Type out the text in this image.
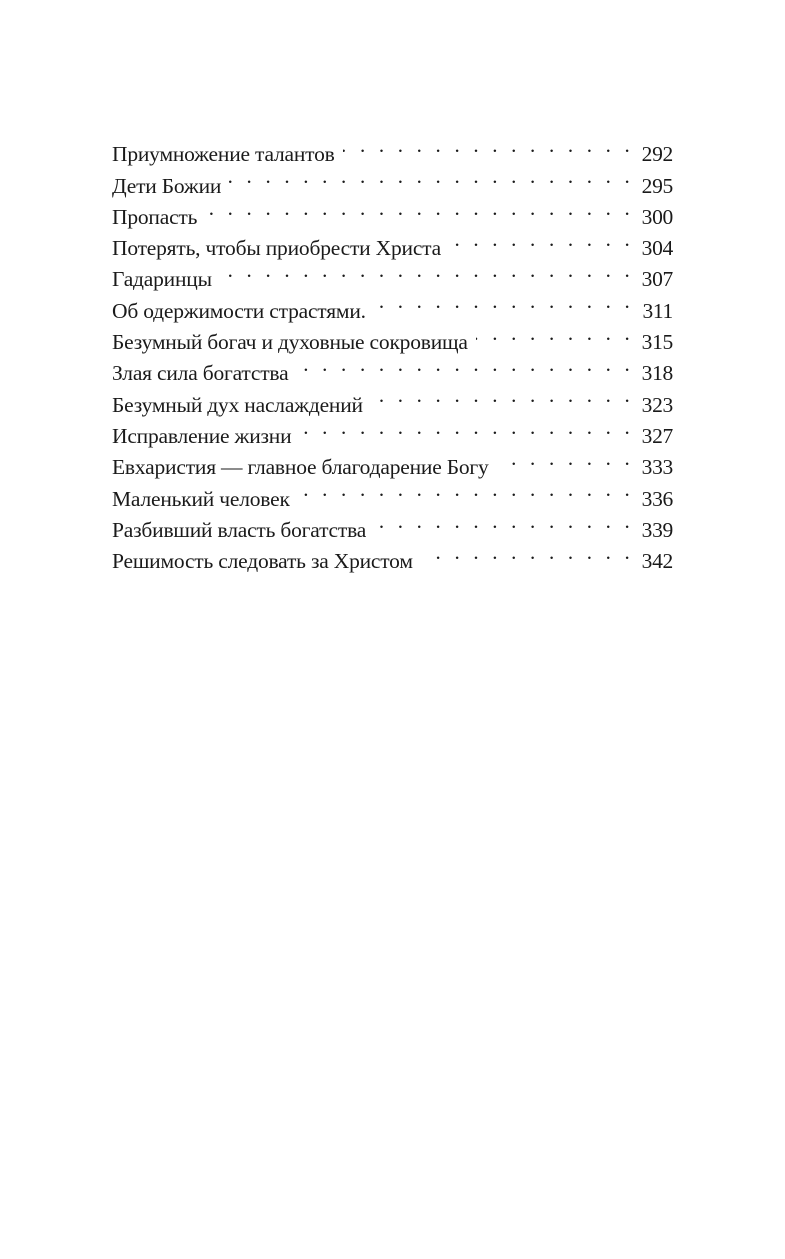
Приумножение талантов . . .	292
Дети Божии . . .	295
Пропасть . . .	300
Потерять, чтобы приобрести Христа . . .	304
Гадаринцы . . .	307
Об одержимости страстями. . . .	311
Безумный богач и духовные сокровища . . .	315
Злая сила богатства . . .	318
Безумный дух наслаждений . . .	323
Исправление жизни . . .	327
Евхаристия — главное благодарение Богу . . .	333
Маленький человек . . .	336
Разбивший власть богатства . . .	339
Решимость следовать за Христом . . .	342
